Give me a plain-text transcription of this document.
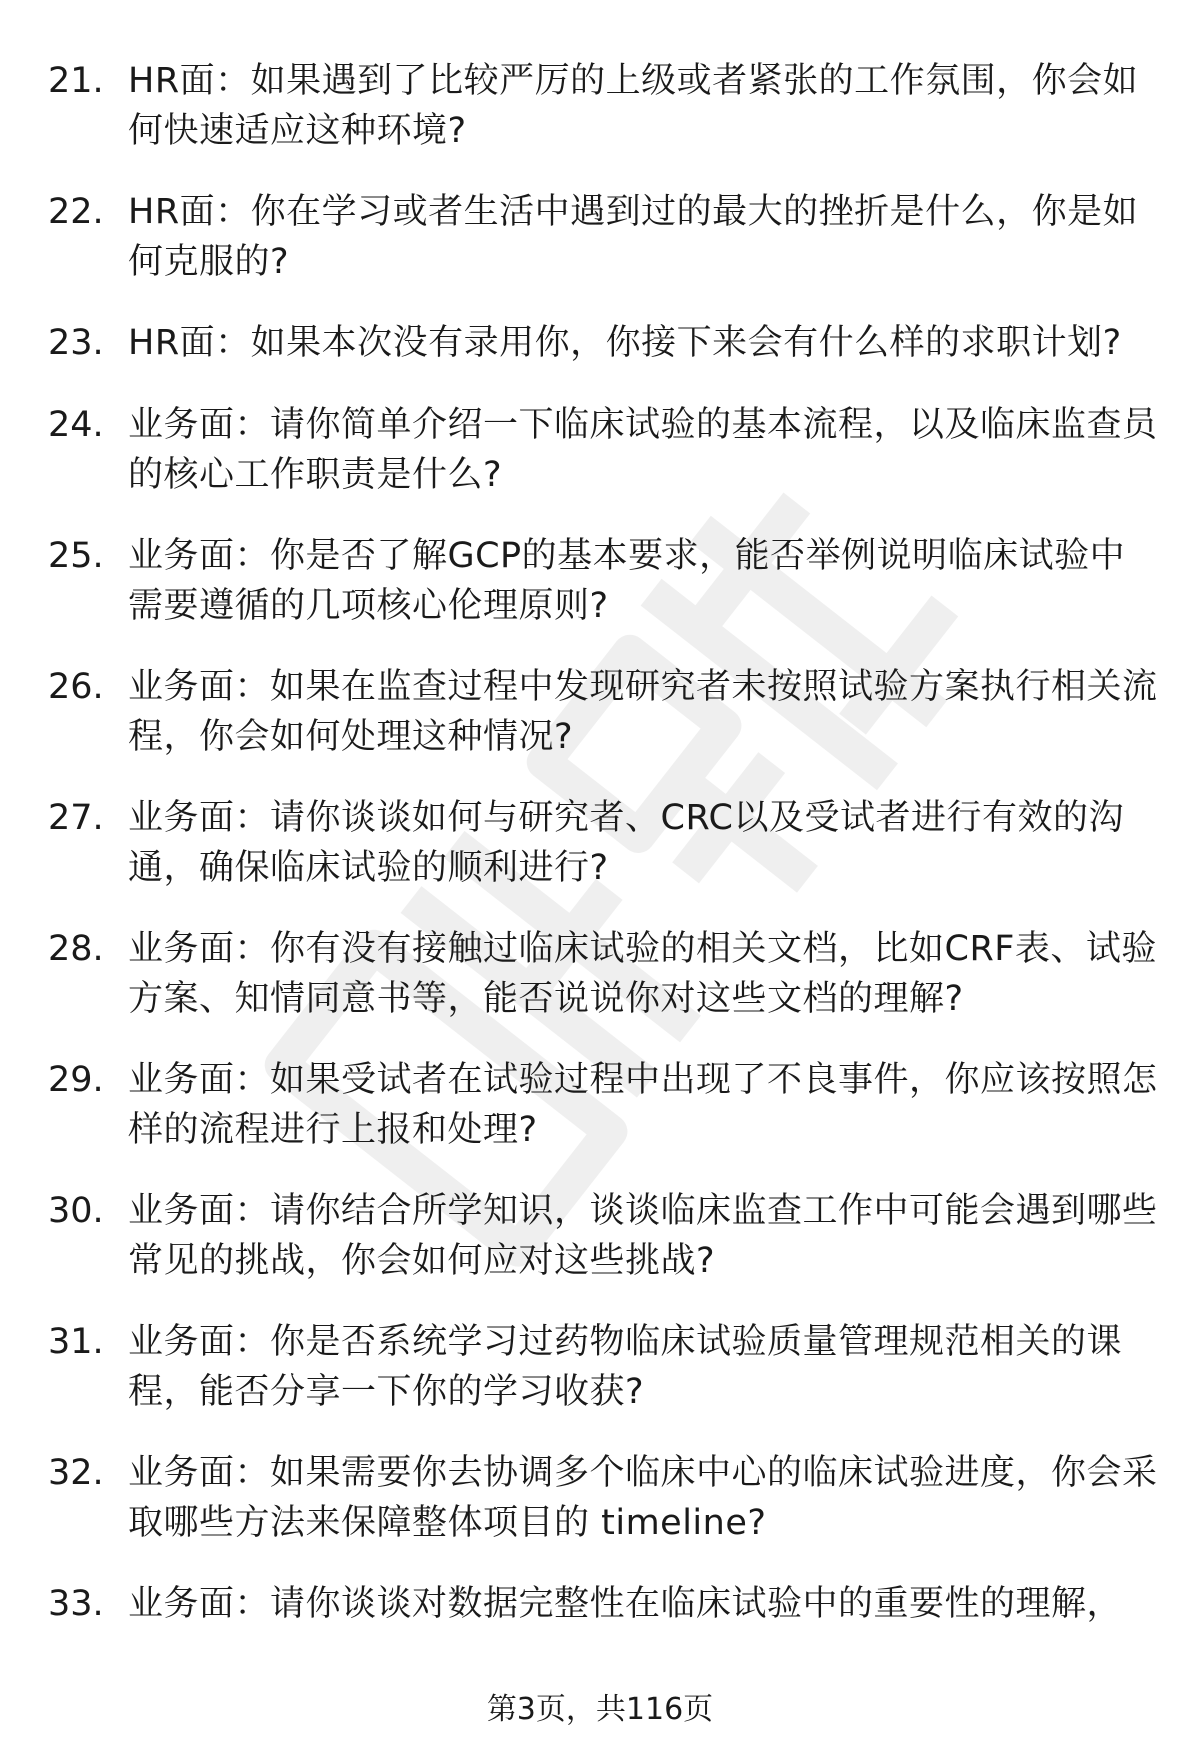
21. HR面：如果遇到了比较严厉的上级或者紧张的工作氛围，你会如何快速适应这种环境?
22. HR面：你在学习或者生活中遇到过的最大的挫折是什么，你是如何克服的?
23. HR面：如果本次没有录用你，你接下来会有什么样的求职计划?
24. 业务面：请你简单介绍一下临床试验的基本流程，以及临床监查员的核心工作职责是什么?
25. 业务面：你是否了解GCP的基本要求，能否举例说明临床试验中需要遵循的几项核心伦理原则?
26. 业务面：如果在监查过程中发现研究者未按照试验方案执行相关流程，你会如何处理这种情况?
27. 业务面：请你谈谈如何与研究者、CRC以及受试者进行有效的沟通，确保临床试验的顺利进行?
28. 业务面：你有没有接触过临床试验的相关文档，比如CRF表、试验方案、知情同意书等，能否说说你对这些文档的理解?
29. 业务面：如果受试者在试验过程中出现了不良事件，你应该按照怎样的流程进行上报和处理?
30. 业务面：请你结合所学知识，谈谈临床监查工作中可能会遇到哪些常见的挑战，你会如何应对这些挑战?
31. 业务面：你是否系统学习过药物临床试验质量管理规范相关的课程，能否分享一下你的学习收获?
32. 业务面：如果需要你去协调多个临床中心的临床试验进度，你会采取哪些方法来保障整体项目的 timeline?
33. 业务面：请你谈谈对数据完整性在临床试验中的重要性的理解，
第3页，共116页
